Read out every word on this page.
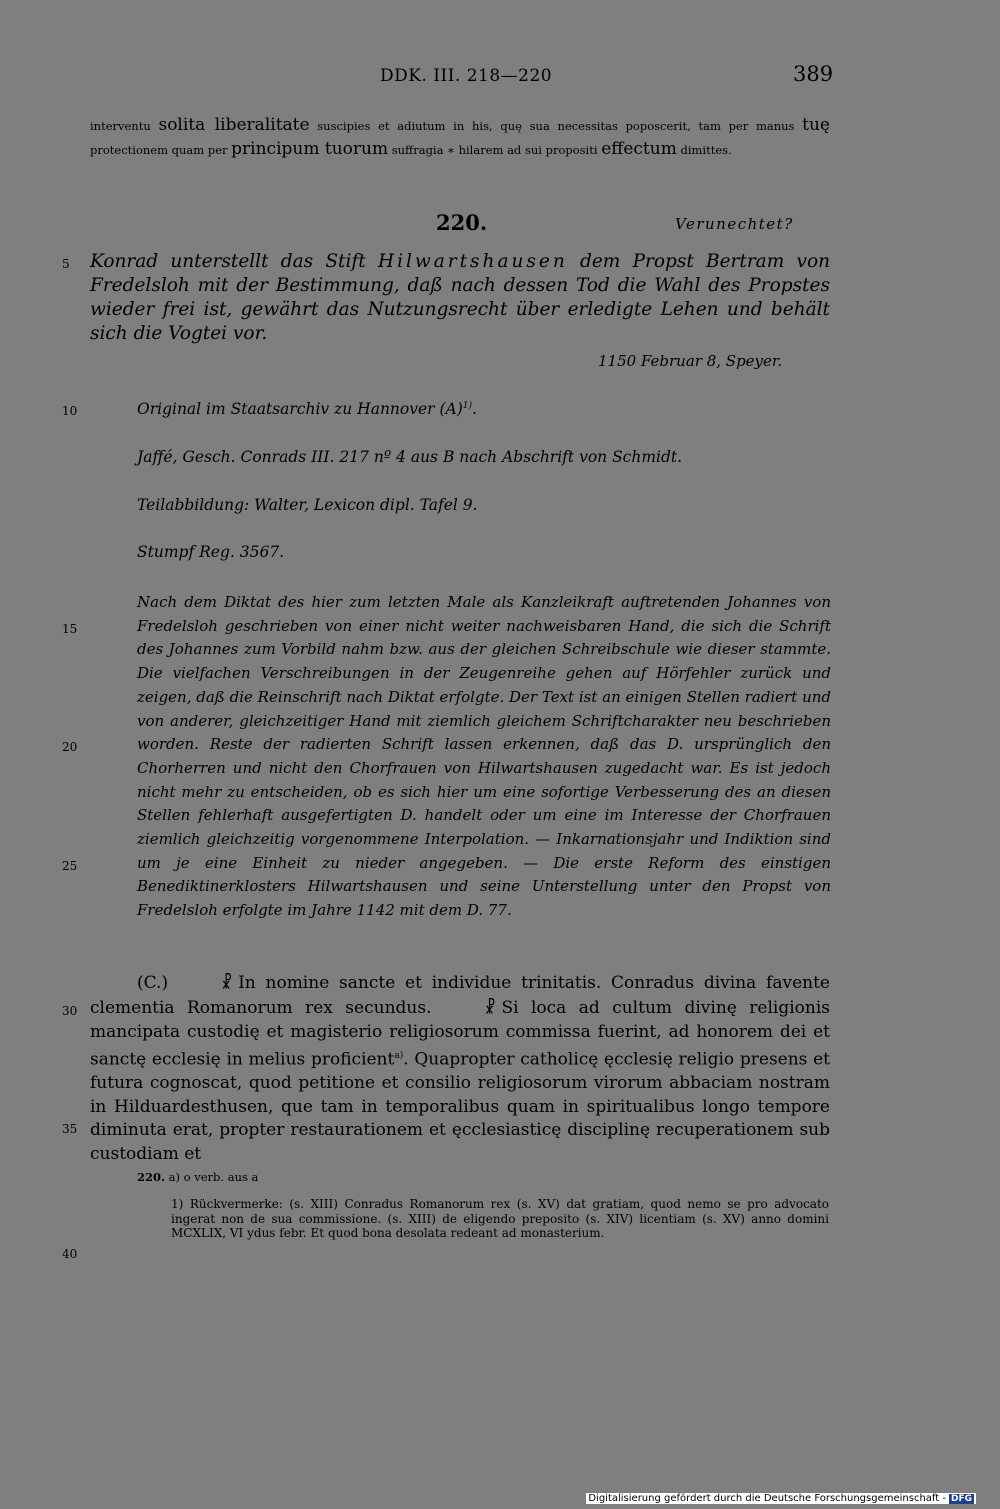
DDK. III. 218—220	389
interventu solita liberalitate suscipies et adiutum in his, quę sua necessitas poposcerit, tam per manus tuę protectionem quam per principum tuorum suffragia ∗ hilarem ad sui propositi effectum dimittes.
220.	Verunechtet?
5 Konrad unterstellt das Stift Hilwartshausen dem Propst Bertram von Fredelsloh mit der Bestimmung, daß nach dessen Tod die Wahl des Propstes wieder frei ist, gewährt das Nutzungsrecht über erledigte Lehen und behält sich die Vogtei vor.
1150 Februar 8, Speyer.
10	Original im Staatsarchiv zu Hannover $(A)^{1)}$.
Jaffé, Gesch. Conrads III. 217 nº 4 aus B nach Abschrift von Schmidt.
Teilabbildung: Walter, Lexicon dipl. Tafel 9.
Stumpf Reg. 3567.
15
20
25
Nach dem Diktat des hier zum letzten Male als Kanzleikraft auftretenden Johannes von Fredelsloh geschrieben von einer nicht weiter nachweisbaren Hand, die sich die Schrift des Johannes zum Vorbild nahm bzw. aus der gleichen Schreibschule wie dieser stammte. Die vielfachen Verschreibungen in der Zeugenreihe gehen auf Hörfehler zurück und zeigen, daß die Reinschrift nach Diktat erfolgte. Der Text ist an einigen Stellen radiert und von anderer, gleichzeitiger Hand mit ziemlich gleichem Schriftcharakter neu beschrieben worden. Reste der radierten Schrift lassen erkennen, daß das D. ursprünglich den Chorherren und nicht den Chorfrauen von Hilwartshausen zugedacht war. Es ist jedoch nicht mehr zu entscheiden, ob es sich hier um eine sofortige Verbesserung des an diesen Stellen fehlerhaft ausgefertigten D. handelt oder um eine im Interesse der Chorfrauen ziemlich gleichzeitig vorgenommene Interpolation. — Inkarnationsjahr und Indiktion sind um je eine Einheit zu nieder angegeben. — Die erste Reform des einstigen Benediktinerklosters Hilwartshausen und seine Unterstellung unter den Propst von Fredelsloh erfolgte im Jahre 1142 mit dem D. 77.
30
35
(C.)	☧ In nomine sancte et individue trinitatis. Conradus divina favente clementia Romanorum rex secundus.	☧ Si loca ad cultum divinę religionis mancipata custodię et magisterio religiosorum commissa fuerint, ad honorem dei et sanctę ecclesię in melius proficient$^{a)}$. Quapropter catholicę ęcclesię religio presens et futura cognoscat, quod petitione et consilio religiosorum virorum abbaciam nostram in Hilduardesthusen, que tam in temporalibus quam in spiritualibus longo tempore diminuta erat, propter restaurationem et ęcclesiasticę disciplinę recuperationem sub custodiam et
220. a) o verb. aus a
1) Rückvermerke: (s. XIII) Conradus Romanorum rex (s. XV) dat gratiam, quod nemo se pro advocato ingerat non de sua commissione. (s. XIII) de eligendo preposito (s. XIV) licentiam (s. XV) anno domini MCXLIX, VI ydus febr. Et quod bona desolata redeant ad monasterium.
40
Digitalisierung gefördert durch die Deutsche Forschungsgemeinschaft - DFG
